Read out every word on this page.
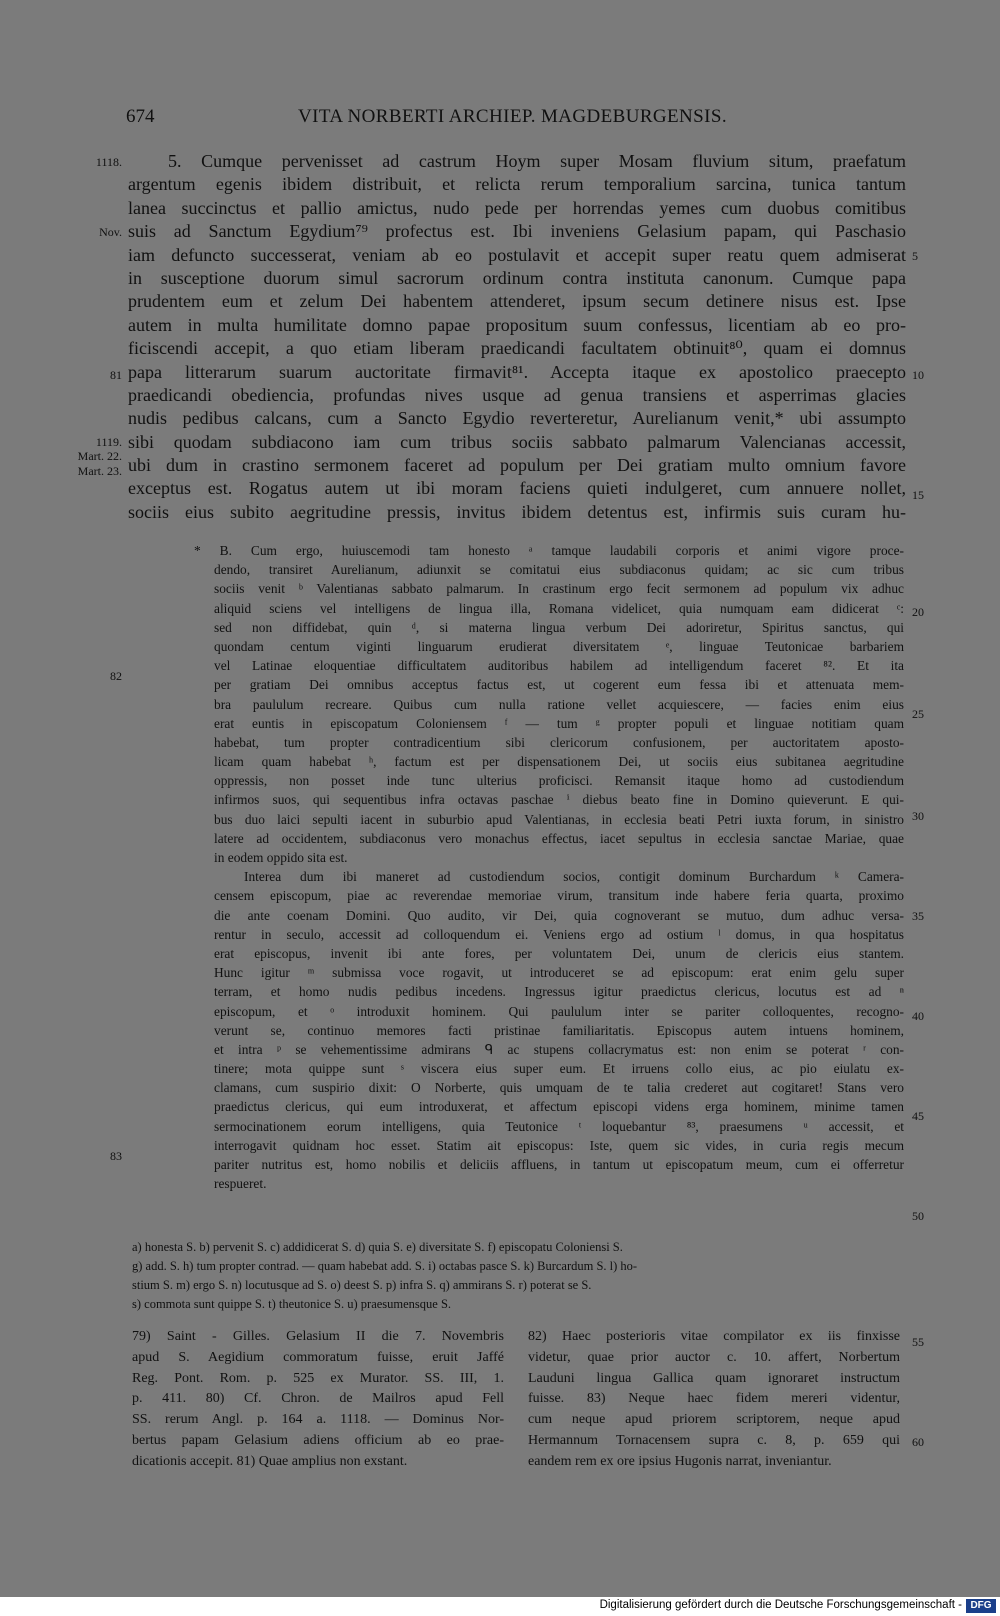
674	VITA NORBERTI ARCHIEP. MAGDEBURGENSIS.
1118.
Nov.
81
1119.
Mart. 22.
Mart. 23.
82
83
5
10
15
20
25
30
35
40
45
50
55
60
5. Cumque pervenisset ad castrum Hoym super Mosam fluvium situm, praefatum
argentum egenis ibidem distribuit, et relicta rerum temporalium sarcina, tunica tantum
lanea succinctus et pallio amictus, nudo pede per horrendas yemes cum duobus comitibus
suis ad Sanctum Egydium⁷⁹ profectus est. Ibi inveniens Gelasium papam, qui Paschasio
iam defuncto successerat, veniam ab eo postulavit et accepit super reatu quem admiserat
in susceptione duorum simul sacrorum ordinum contra instituta canonum. Cumque papa
prudentem eum et zelum Dei habentem attenderet, ipsum secum detinere nisus est. Ipse
autem in multa humilitate domno papae propositum suum confessus, licentiam ab eo pro-
ficiscendi accepit, a quo etiam liberam praedicandi facultatem obtinuit⁸⁰, quam ei domnus
papa litterarum suarum auctoritate firmavit⁸¹. Accepta itaque ex apostolico praecepto
praedicandi obediencia, profundas nives usque ad genua transiens et asperrimas glacies
nudis pedibus calcans, cum a Sancto Egydio reverteretur, Aurelianum venit,* ubi assumpto
sibi quodam subdiacono iam cum tribus sociis sabbato palmarum Valencianas accessit,
ubi dum in crastino sermonem faceret ad populum per Dei gratiam multo omnium favore
exceptus est. Rogatus autem ut ibi moram faciens quieti indulgeret, cum annuere nollet,
sociis eius subito aegritudine pressis, invitus ibidem detentus est, infirmis suis curam hu-
* B. Cum ergo, huiuscemodi tam honesto ᵃ tamque laudabili corporis et animi vigore proce-
dendo, transiret Aurelianum, adiunxit se comitatui eius subdiaconus quidam; ac sic cum tribus
sociis venit ᵇ Valentianas sabbato palmarum. In crastinum ergo fecit sermonem ad populum vix adhuc
aliquid sciens vel intelligens de lingua illa, Romana videlicet, quia numquam eam didicerat ᶜ:
sed non diffidebat, quin ᵈ, si materna lingua verbum Dei adoriretur, Spiritus sanctus, qui
quondam centum viginti linguarum erudierat diversitatem ᵉ, linguae Teutonicae barbariem
vel Latinae eloquentiae difficultatem auditoribus habilem ad intelligendum faceret ⁸². Et ita
per gratiam Dei omnibus acceptus factus est, ut cogerent eum fessa ibi et attenuata mem-
bra paululum recreare. Quibus cum nulla ratione vellet acquiescere, — facies enim eius
erat euntis in episcopatum Coloniensem ᶠ — tum ᵍ propter populi et linguae notitiam quam
habebat, tum propter contradicentium sibi clericorum confusionem, per auctoritatem aposto-
licam quam habebat ʰ, factum est per dispensationem Dei, ut sociis eius subitanea aegritudine
oppressis, non posset inde tunc ulterius proficisci. Remansit itaque homo ad custodiendum
infirmos suos, qui sequentibus infra octavas paschae ⁱ diebus beato fine in Domino quieverunt. E qui-
bus duo laici sepulti iacent in suburbio apud Valentianas, in ecclesia beati Petri iuxta forum, in sinistro
latere ad occidentem, subdiaconus vero monachus effectus, iacet sepultus in ecclesia sanctae Mariae, quae
in eodem oppido sita est.
Interea dum ibi maneret ad custodiendum socios, contigit dominum Burchardum ᵏ Camera-
censem episcopum, piae ac reverendae memoriae virum, transitum inde habere feria quarta, proximo
die ante coenam Domini. Quo audito, vir Dei, quia cognoverant se mutuo, dum adhuc versa-
rentur in seculo, accessit ad colloquendum ei. Veniens ergo ad ostium ˡ domus, in qua hospitatus
erat episcopus, invenit ibi ante fores, per voluntatem Dei, unum de clericis eius stantem.
Hunc igitur ᵐ submissa voce rogavit, ut introduceret se ad episcopum: erat enim gelu super
terram, et homo nudis pedibus incedens. Ingressus igitur praedictus clericus, locutus est ad ⁿ
episcopum, et ᵒ introduxit hominem. Qui paululum inter se pariter colloquentes, recogno-
verunt se, continuo memores facti pristinae familiaritatis. Episcopus autem intuens hominem,
et intra ᵖ se vehementissime admirans ᑫ ac stupens collacrymatus est: non enim se poterat ʳ con-
tinere; mota quippe sunt ˢ viscera eius super eum. Et irruens collo eius, ac pio eiulatu ex-
clamans, cum suspirio dixit: O Norberte, quis umquam de te talia crederet aut cogitaret! Stans vero
praedictus clericus, qui eum introduxerat, et affectum episcopi videns erga hominem, minime tamen
sermocinationem eorum intelligens, quia Teutonice ᵗ loquebantur ⁸³, praesumens ᵘ accessit, et
interrogavit quidnam hoc esset. Statim ait episcopus: Iste, quem sic vides, in curia regis mecum
pariter nutritus est, homo nobilis et deliciis affluens, in tantum ut episcopatum meum, cum ei offerretur
respueret.
a) honesta S. b) pervenit S. c) addidicerat S. d) quia S. e) diversitate S. f) episcopatu Coloniensi S.
g) add. S. h) tum propter contrad. — quam habebat add. S. i) octabas pasce S. k) Burcardum S. l) ho-
stium S. m) ergo S. n) locutusque ad S. o) deest S. p) infra S. q) ammirans S. r) poterat se S.
s) commota sunt quippe S. t) theutonice S. u) praesumensque S.
79) Saint - Gilles. Gelasium II die 7. Novembris
apud S. Aegidium commoratum fuisse, eruit Jaffé
Reg. Pont. Rom. p. 525 ex Murator. SS. III, 1.
p. 411. 80) Cf. Chron. de Mailros apud Fell
SS. rerum Angl. p. 164 a. 1118. — Dominus Nor-
bertus papam Gelasium adiens officium ab eo prae-
dicationis accepit. 81) Quae amplius non exstant.
82) Haec posterioris vitae compilator ex iis finxisse
videtur, quae prior auctor c. 10. affert, Norbertum
Lauduni lingua Gallica quam ignoraret instructum
fuisse. 83) Neque haec fidem mereri videntur,
cum neque apud priorem scriptorem, neque apud
Hermannum Tornacensem supra c. 8, p. 659 qui
eandem rem ex ore ipsius Hugonis narrat, inveniantur.
Digitalisierung gefördert durch die Deutsche Forschungsgemeinschaft - DFG
